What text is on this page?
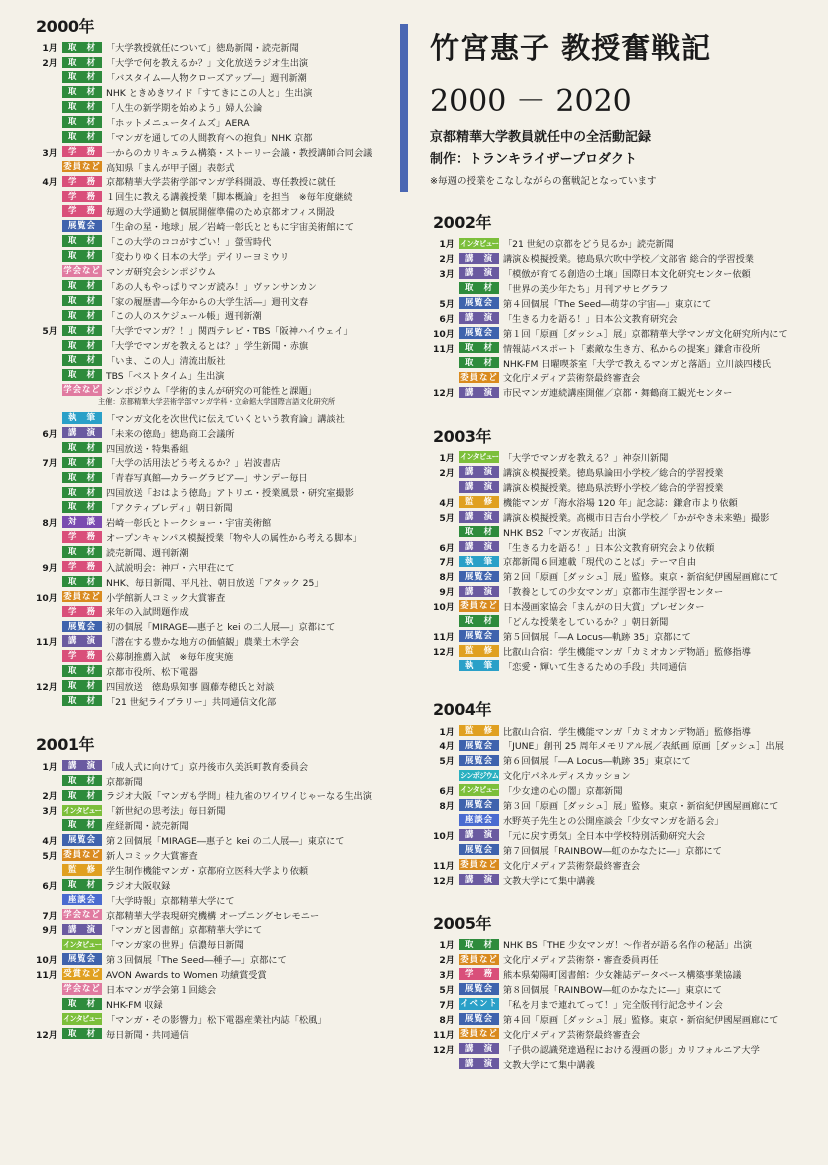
竹宮惠子 教授奮戦記
2000 － 2020
京都精華大学教員就任中の全活動記録
制作：トランキライザープロダクト
※毎週の授業をこなしながらの奮戦記となっています
2000年
1月	取　材	「大学教授就任について」徳島新聞・読売新聞
2月	取　材	「大学で何を教えるか？」文化放送ラジオ生出演
取　材	「バスタイム―人物クローズアップ―」週刊新潮
取　材	NHK ときめきワイド「すてきにこの人と」生出演
取　材	「人生の新学期を始めよう」婦人公論
取　材	「ホットメニュータイムズ」AERA
取　材	「マンガを通しての人間教育への抱負」NHK 京都
3月	学　務	一からのカリキュラム構築・ストーリー会議・教授講師合同会議
委員など 高知県「まんが甲子園」表彰式
4月	学　務	京都精華大学芸術学部マンガ学科開設、専任教授に就任
学　務	１回生に教える講義授業「脚本概論」を担当　※毎年度継続
学　務	毎週の大学通勤と個展開催準備のため京都オフィス開設
展覧会	「生命の星・地球」展／岩崎一彰氏とともに宇宙美術館にて
取　材	「この大学のココがすごい！」螢雪時代
取　材	「変わりゆく日本の大学」デイリーヨミウリ
学会など マンガ研究会シンポジウム
取　材	「あの人もやっぱりマンガ読み！」ヴァンサンカン
取　材	「家の履歴書―今年からの大学生活―」週刊文春
取　材	「この人のスケジュール帳」週刊新潮
5月	取　材	「大学でマンガ？！」関西テレビ・TBS「阪神ハイウェイ」
取　材	「大学でマンガを教えるとは？」学生新聞・赤旗
取　材	「いま、この人」清流出版社
取　材	TBS「ベストタイム」生出演
学会など シンポジウム「学術的まんが研究の可能性と課題」
主催：京都精華大学芸術学部マンガ学科・立命館大学国際言語文化研究所
執　筆	「マンガ文化を次世代に伝えていくという教育論」講談社
6月	講　演	「未来の徳島」徳島商工会議所
取　材	四国放送・特集番組
7月	取　材	「大学の活用法どう考えるか？」岩波書店
取　材	「青春写真館―カラーグラビア―」サンデー毎日
取　材	四国放送「おはよう徳島」アトリエ・授業風景・研究室撮影
取　材	「アクティブレディ」朝日新聞
8月	対　談	岩崎一彰氏とトークショー・宇宙美術館
学　務	オープンキャンパス模擬授業「物や人の属性から考える脚本」
取　材	読売新聞、週刊新潮
9月	学　務	入試説明会：神戸・六甲荘にて
取　材	NHK、毎日新聞、平凡社、朝日放送「アタック 25」
10月 委員など 小学館新人コミック大賞審査
学　務	来年の入試問題作成
展覧会	初の個展「MIRAGE―惠子と kei の二人展―」京都にて
11月	講　演	「潜在する豊かな地方の価値観」農業土木学会
学　務	公募制推薦入試　※毎年度実施
取　材	京都市役所、松下電器
12月	取　材	四国放送　徳島県知事 圓藤寿穂氏と対談
取　材	「21 世紀ライブラリー」共同通信文化部
2001年
1月	講　演	「成人式に向けて」京丹後市久美浜町教育委員会
取　材	京都新聞
2月	取　材	ラジオ大阪「マンガも学問」桂九雀のワイワイじゃーなる生出演
3月 インタビュー 「新世紀の思考法」毎日新聞
取　材	産経新聞・読売新聞
4月	展覧会	第２回個展「MIRAGE―惠子と kei の二人展―」東京にて
5月 委員など 新人コミック大賞審査
監　修	学生制作機能マンガ・京都府立医科大学より依頼
6月	取　材	ラジオ大阪収録
座談会	「大学時報」京都精華大学にて
7月 学会など 京都精華大学表現研究機構 オープニングセレモニー
9月	講　演	「マンガと図書館」京都精華大学にて
インタビュー 「マンガ家の世界」信濃毎日新聞
10月	展覧会	第３回個展「The Seed―種子―」京都にて
11月 受賞など AVON Awards to Women 功績賞受賞
学会など 日本マンガ学会第１回総会
取　材	NHK-FM 収録
インタビュー 「マンガ・その影響力」松下電器産業社内誌「松風」
12月	取　材	毎日新聞・共同通信
2002年
1月 インタビュー 「21 世紀の京都をどう見るか」読売新聞
2月	講　演	講演＆模擬授業。徳島県穴吹中学校／文部省 総合的学習授業
3月	講　演	「模倣が育てる創造の土壌」国際日本文化研究センター依頼
取　材	「世界の美少年たち」月刊アサヒグラフ
5月	展覧会	第４回個展「The Seed―萌芽の宇宙―」東京にて
6月	講　演	「生きる力を語る！」日本公文教育研究会
10月	展覧会	第１回「原画［ダッシュ］展」京都精華大学マンガ文化研究所内にて
11月	取　材	情報誌パスポート「素敵な生き方、私からの提案」鎌倉市役所
取　材	NHK-FM 日曜喫茶室「大学で教えるマンガと落語」立川談四楼氏
委員など 文化庁メディア芸術祭最終審査会
12月	講　演	市民マンガ連続講座開催／京都・舞鶴商工観光センター
2003年
1月 インタビュー 「大学でマンガを教える？」神奈川新聞
2月	講　演	講演＆模擬授業。徳島県論田小学校／総合的学習授業
講　演	講演＆模擬授業。徳島県渋野小学校／総合的学習授業
4月	監　修	機能マンガ「海水浴場 120 年」記念誌：鎌倉市より依頼
5月	講　演	講演＆模擬授業。高槻市日吉台小学校／「かがやき未来塾」撮影
取　材	NHK BS2「マンガ夜話」出演
6月	講　演	「生きる力を語る！」日本公文教育研究会より依頼
7月	執　筆	京都新聞６回連載「現代のことば」テーマ自由
8月	展覧会	第２回「原画［ダッシュ］展」監修。東京・新宿紀伊國屋画廊にて
9月	講　演	「教養としての少女マンガ」京都市生涯学習センター
10月 委員など 日本漫画家協会「まんがの日大賞」プレゼンター
取　材	「どんな授業をしているか？」朝日新聞
11月	展覧会	第５回個展「―A Locus―軌跡 35」京都にて
12月	監　修	比叡山合宿：学生機能マンガ「カミオカンデ物語」監修指導
執　筆	「恋愛・輝いて生きるための手段」共同通信
2004年
1月	監　修	比叡山合宿．学生機能マンガ「カミオカンデ物語」監修指導
4月	展覧会	「JUNE」創刊 25 周年メモリアル展／表紙画 原画［ダッシュ］出展
5月	展覧会	第６回個展「―A Locus―軌跡 35」東京にて
シンポジウム 文化庁パネルディスカッション
6月 インタビュー 「少女達の心の闇」京都新聞
8月	展覧会	第３回「原画［ダッシュ］展」監修。東京・新宿紀伊國屋画廊にて
座談会	水野英子先生との公開座談会「少女マンガを語る会」
10月	講　演	「元に戻す勇気」全日本中学校特別活動研究大会
展覧会	第７回個展「RAINBOW―虹のかなたに―」京都にて
11月 委員など 文化庁メディア芸術祭最終審査会
12月	講　演	文教大学にて集中講義
2005年
1月	取　材	NHK BS「THE 少女マンガ！～作者が語る名作の秘話」出演
2月 委員など 文化庁メディア芸術祭・審査委員再任
3月	学　務	熊本県菊陽町図書館：少女雑誌データベース構築事業協議
5月	展覧会	第８回個展「RAINBOW―虹のかなたに―」東京にて
7月 イベント 「私を月まで連れてって！」完全版刊行記念サイン会
8月	展覧会	第４回「原画［ダッシュ］展」監修。東京・新宿紀伊國屋画廊にて
11月 委員など 文化庁メディア芸術祭最終審査会
12月	講　演	「子供の認識発達過程における漫画の影」カリフォルニア大学
講　演	文教大学にて集中講義
